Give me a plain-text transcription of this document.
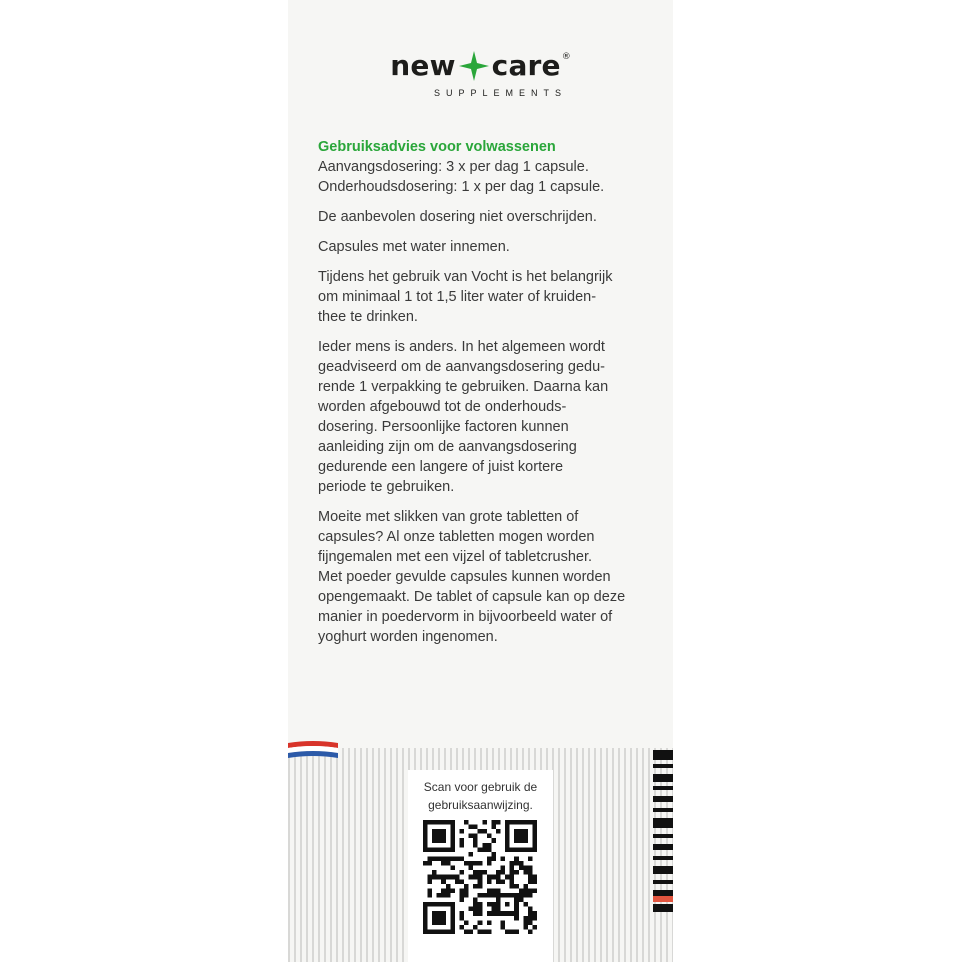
new care ®
SUPPLEMENTS

Gebruiksadvies voor volwassenen
Aanvangsdosering: 3 x per dag 1 capsule.
Onderhoudsdosering: 1 x per dag 1 capsule.

De aanbevolen dosering niet overschrijden.

Capsules met water innemen.

Tijdens het gebruik van Vocht is het belangrijk
om minimaal 1 tot 1,5 liter water of kruiden-
thee te drinken.

Ieder mens is anders. In het algemeen wordt
geadviseerd om de aanvangsdosering gedu-
rende 1 verpakking te gebruiken. Daarna kan
worden afgebouwd tot de onderhouds-
dosering. Persoonlijke factoren kunnen
aanleiding zijn om de aanvangsdosering
gedurende een langere of juist kortere
periode te gebruiken.

Moeite met slikken van grote tabletten of
capsules? Al onze tabletten mogen worden
fijngemalen met een vijzel of tabletcrusher.
Met poeder gevulde capsules kunnen worden
opengemaakt. De tablet of capsule kan op deze
manier in poedervorm in bijvoorbeeld water of
yoghurt worden ingenomen.

Scan voor gebruik de
gebruiksaanwijzing.
